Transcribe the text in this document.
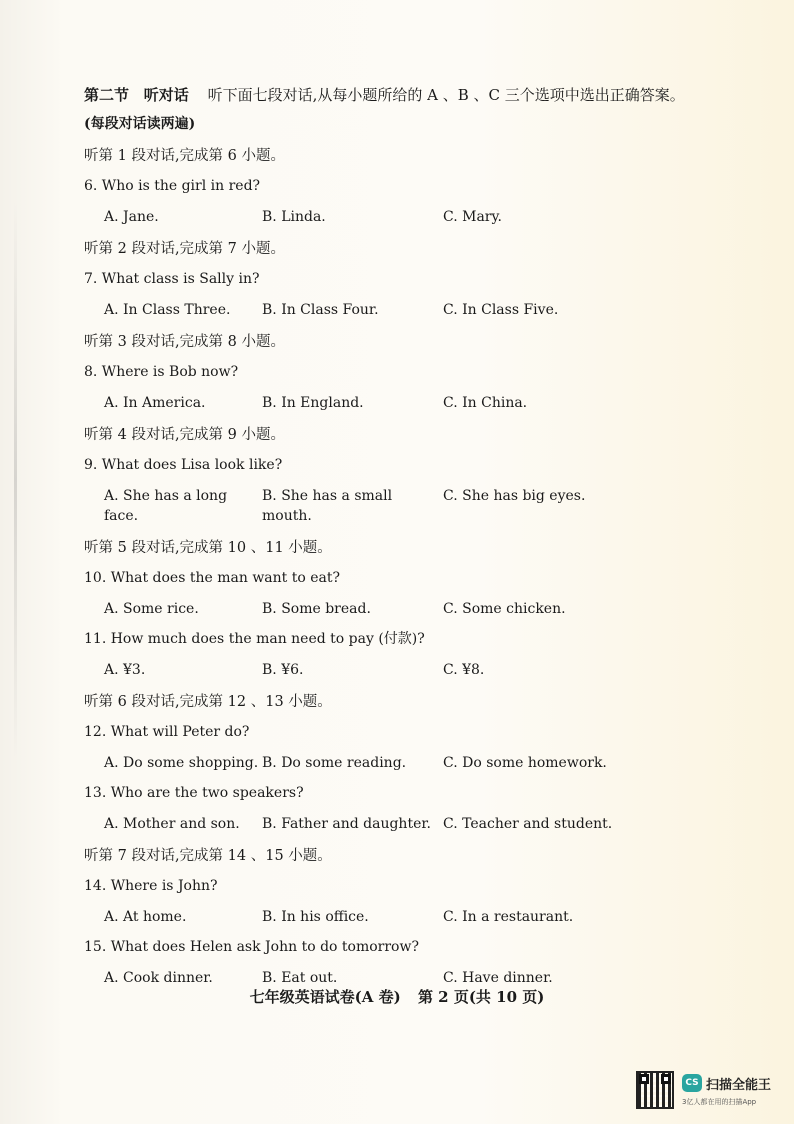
第二节 听对话 听下面七段对话,从每小题所给的 A 、B 、C 三个选项中选出正确答案。
(每段对话读两遍)
听第 1 段对话,完成第 6 小题。
6. Who is the girl in red?
A. Jane.	B. Linda.	C. Mary.
听第 2 段对话,完成第 7 小题。
7. What class is Sally in?
A. In Class Three.	B. In Class Four.	C. In Class Five.
听第 3 段对话,完成第 8 小题。
8. Where is Bob now?
A. In America.	B. In England.	C. In China.
听第 4 段对话,完成第 9 小题。
9. What does Lisa look like?
A. She has a long face.
B. She has a small mouth.
C. She has big eyes.
听第 5 段对话,完成第 10 、11 小题。
10. What does the man want to eat?
A. Some rice.	B. Some bread.	C. Some chicken.
11. How much does the man need to pay (付款)?
A. ¥3.	B. ¥6.	C. ¥8.
听第 6 段对话,完成第 12 、13 小题。
12. What will Peter do?
A. Do some shopping. B. Do some reading.	C. Do some homework.
13. Who are the two speakers?
A. Mother and son.	B. Father and daughter. C. Teacher and student.
听第 7 段对话,完成第 14 、15 小题。
14. Where is John?
A. At home.	B. In his office.	C. In a restaurant.
15. What does Helen ask John to do tomorrow?
A. Cook dinner.	B. Eat out.	C. Have dinner.
七年级英语试卷(A 卷) 第 2 页(共 10 页)
CS 扫描全能王
3亿人都在用的扫描App
